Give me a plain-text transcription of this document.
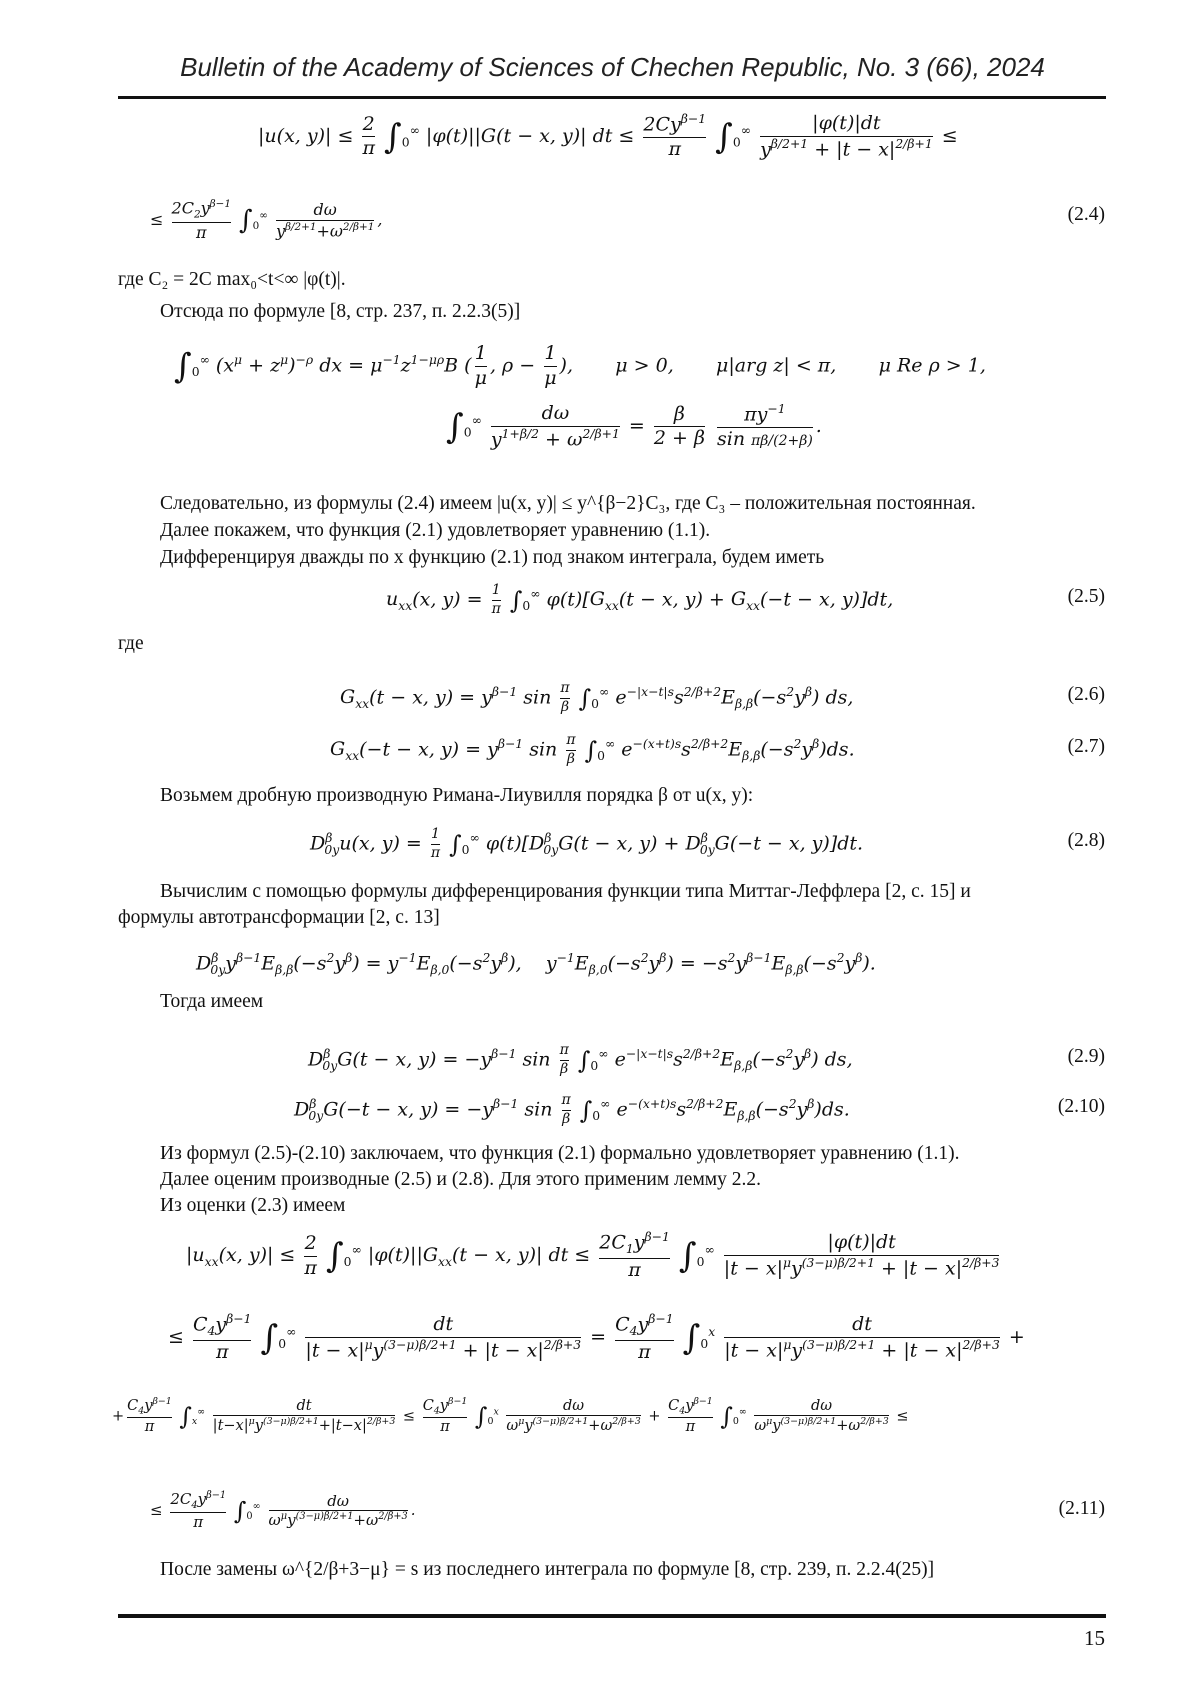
Bulletin of the Academy of Sciences of Chechen Republic, No. 3 (66), 2024
|u(x, $y)| \le \frac{2}{\pi} \int_0^\infty$ |φ(t)||G(t − x, y)| dt ≤ $\frac{2Cy^{\beta-1}}{\pi} \int_0^\infty \frac{|\varphi(t)|dt}{y^{\beta/2+1} + |t - x|^{2/\beta+1}}$ ≤
≤ $\frac{2C_2y^{\beta-1}}{\pi} \int_0^\infty \frac{d\omega}{y^{\beta/2+1}+\omega^{2/\beta+1}}$ ,	(2.4)
где C₂ = 2C max₀<t<∞ |φ(t)|.
Отсюда по формуле [8, стр. 237, п. 2.2.3(5)]
$\int_0^\infty$ $(x^\mu + z^\mu)^{-\rho}$ dx = $\mu^{-1}z^{1-\mu\rho}B$ ( $\frac{1}{\mu}$ , $\rho - \frac{1}{\mu}$ ),       μ > 0,       μ|arg z| < π,       μ Re ρ > 1,
$\int_0^\infty \frac{d\omega}{y^{1+\beta/2} + \omega^{2/\beta+1}} = \frac{\beta}{2 + \beta}$
$\frac{\pi y^{-1}}{\text{sin πβ/(2+β)}}$ .
Следовательно, из формулы (2.4) имеем |u(x, y)| ≤ y^{β−2}C₃, где C₃ – положительная постоянная.
Далее покажем, что функция (2.1) удовлетворяет уравнению (1.1).
Дифференцируя дважды по x функцию (2.1) под знаком интеграла, будем иметь
$u_{xx}(x$, $y) = \frac{1}{\pi} \int_0^\infty$ $\varphi(t)[G_{xx}(t - x$, $y) + G_{xx}(-t - x$, y)]dt,	(2.5)
где
$G_{xx}(t - x$, $y) = y^{\beta-1}$ $\sin \frac{\pi}{\beta} \int_0^\infty$ $e^{-|x-t|s}s^{2/\beta+2}E_{\beta,\beta}(-s^2y^\beta)$ ds,	(2.6)
$G_{xx}(-t - x$, $y) = y^{\beta-1}$ $\sin \frac{\pi}{\beta} \int_0^\infty$ $e^{-(x+t)s}s^{2/\beta+2}E_{\beta,\beta}(-s^2y^\beta)ds$.	(2.7)
Возьмем дробную производную Римана-Лиувилля порядка β от u(x, y):
$D^\beta_{0y}u(x$, $y) = \frac{1}{\pi} \int_0^\infty$ $\varphi(t)[D^\beta_{0y}G(t - x$, $y) + D^\beta_{0y}G(-t - x$, y)]dt.	(2.8)
Вычислим с помощью формулы дифференцирования функции типа Миттаг-Леффлера [2, с. 15] и
формулы автотрансформации [2, с. 13]
$D^\beta_{0y}y^{\beta-1}E_{\beta,\beta}(-s^2y^\beta) = y^{-1}E_{\beta,0}(-s^2y^\beta)$,    $y^{-1}E_{\beta,0}(-s^2y^\beta) = -s^2y^{\beta-1}E_{\beta,\beta}(-s^2y^\beta)$.
Тогда имеем
$D^\beta_{0y}G(t - x$, $y) = -y^{\beta-1}$ $\sin \frac{\pi}{\beta} \int_0^\infty$ $e^{-|x-t|s}s^{2/\beta+2}E_{\beta,\beta}(-s^2y^\beta)$ ds,	(2.9)
$D^\beta_{0y}G(-t - x$, $y) = -y^{\beta-1}$ $\sin \frac{\pi}{\beta} \int_0^\infty$ $e^{-(x+t)s}s^{2/\beta+2}E_{\beta,\beta}(-s^2y^\beta)ds$.	(2.10)
Из формул (2.5)-(2.10) заключаем, что функция (2.1) формально удовлетворяет уравнению (1.1).
Далее оценим производные (2.5) и (2.8). Для этого применим лемму 2.2.
Из оценки (2.3) имеем
$|u_{xx}(x$, $y)| \le \frac{2}{\pi} \int_0^\infty$ $|\varphi(t)||G_{xx}(t - x$, y)| dt ≤ $\frac{2C_1y^{\beta-1}}{\pi} \int_0^\infty \frac{|\varphi(t)|dt}{|t - x|^\mu y^{(3-\mu)\beta/2+1} + |t - x|^{2/\beta+3}}$
≤ $\frac{C_4y^{\beta-1}}{\pi} \int_0^\infty \frac{dt}{|t - x|^\mu y^{(3-\mu)\beta/2+1} + |t - x|^{2/\beta+3}} = \frac{C_4y^{\beta-1}}{\pi} \int_0^x \frac{dt}{|t - x|^\mu y^{(3-\mu)\beta/2+1} + |t - x|^{2/\beta+3}}$ +
+ $\frac{C_4y^{\beta-1}}{\pi} \int_x^\infty \frac{dt}{|t-x|^\mu y^{(3-\mu)\beta/2+1}+|t-x|^{2/\beta+3}} \le \frac{C_4y^{\beta-1}}{\pi} \int_0^x \frac{d\omega}{\omega^\mu y^{(3-\mu)\beta/2+1}+\omega^{2/\beta+3}} + \frac{C_4y^{\beta-1}}{\pi} \int_0^\infty \frac{d\omega}{\omega^\mu y^{(3-\mu)\beta/2+1}+\omega^{2/\beta+3}}$ ≤
≤ $\frac{2C_4y^{\beta-1}}{\pi} \int_0^\infty \frac{d\omega}{\omega^\mu y^{(3-\mu)\beta/2+1}+\omega^{2/\beta+3}}$ .	(2.11)
После замены ω^{2/β+3−μ} = s из последнего интеграла по формуле [8, стр. 239, п. 2.2.4(25)]
15
